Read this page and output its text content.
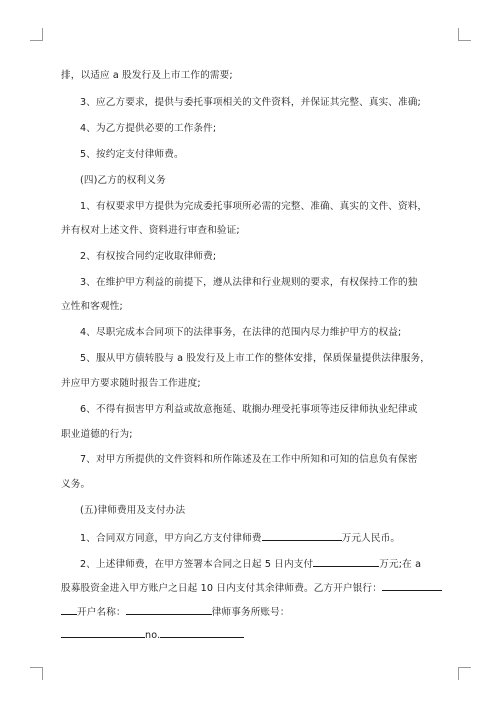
排，以适应 a 股发行及上市工作的需要;
3、应乙方要求，提供与委托事项相关的文件资料，并保证其完整、真实、准确;
4、为乙方提供必要的工作条件;
5、按约定支付律师费。
(四)乙方的权利义务
1、有权要求甲方提供为完成委托事项所必需的完整、准确、真实的文件、资料，
并有权对上述文件、资料进行审查和验证;
2、有权按合同约定收取律师费;
3、在维护甲方利益的前提下，遵从法律和行业规则的要求，有权保持工作的独
立性和客观性;
4、尽职完成本合同项下的法律事务，在法律的范围内尽力维护甲方的权益;
5、服从甲方债转股与 a 股发行及上市工作的整体安排，保质保量提供法律服务，
并应甲方要求随时报告工作进度;
6、不得有损害甲方利益或故意拖延、耽搁办理受托事项等违反律师执业纪律或
职业道德的行为;
7、对甲方所提供的文件资料和所作陈述及在工作中所知和可知的信息负有保密
义务。
(五)律师费用及支付办法
1、合同双方同意，甲方向乙方支付律师费	万元人民币。
2、上述律师费，在甲方签署本合同之日起 5 日内支付	万元;在 a
股募股资金进入甲方账户之日起 10 日内支付其余律师费。乙方开户银行：
开户名称：	律师事务所账号：
no.
